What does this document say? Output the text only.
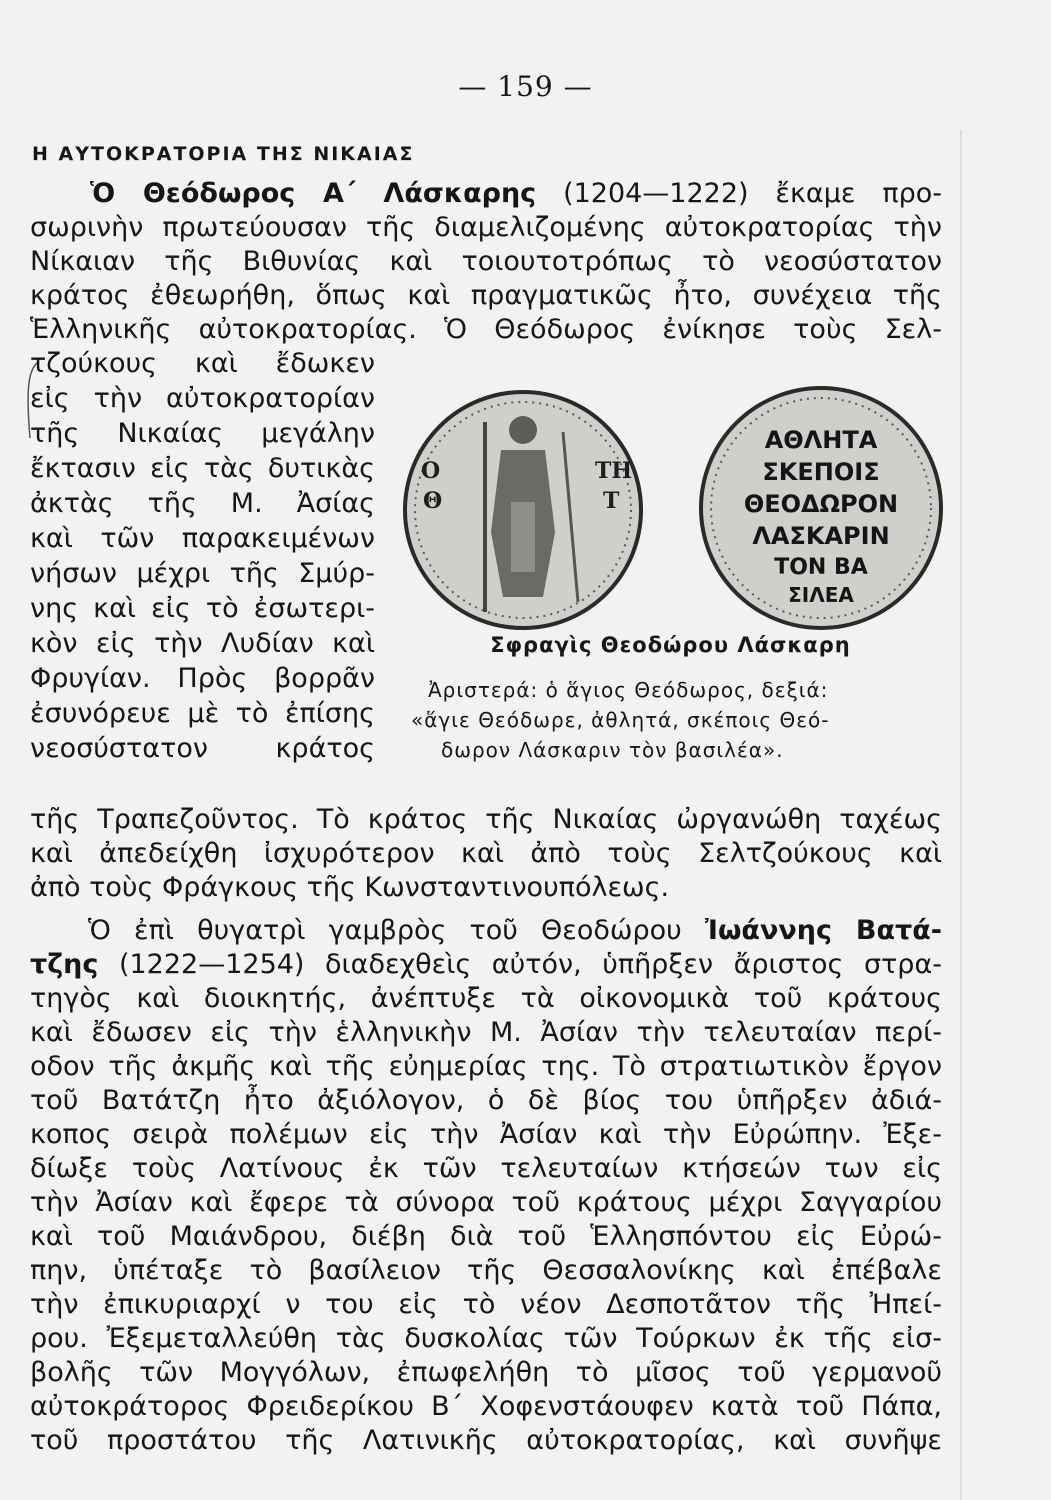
— 159 —
Η ΑΥΤΟΚΡΑΤΟΡΙΑ ΤΗΣ ΝΙΚΑΙΑΣ
Ὁ Θεόδωρος Α΄ Λάσκαρης (1204—1222) ἔκαμε προ-
σωρινὴν πρωτεύουσαν τῆς διαμελιζομένης αὐτοκρατορίας τὴν
Νίκαιαν τῆς Βιθυνίας καὶ τοιουτοτρόπως τὸ νεοσύστατον
κράτος ἐθεωρήθη, ὅπως καὶ πραγματικῶς ἦτο, συνέχεια τῆς
Ἑλληνικῆς αὐτοκρατορίας. Ὁ Θεόδωρος ἐνίκησε τοὺς Σελ-
τζούκους καὶ ἔδωκεν
εἰς τὴν αὐτοκρατορίαν
τῆς Νικαίας μεγάλην
ἔκτασιν εἰς τὰς δυτικὰς
ἀκτὰς τῆς Μ. Ἀσίας
καὶ τῶν παρακειμένων
νήσων μέχρι τῆς Σμύρ-
νης καὶ εἰς τὸ ἐσωτερι-
κὸν εἰς τὴν Λυδίαν καὶ
Φρυγίαν. Πρὸς βορρᾶν
ἐσυνόρευε μὲ τὸ ἐπίσης
νεοσύστατον κράτος
Ο
Θ
ΤΗ
Τ
ΑΘΛΗΤΑ
ΣΚΕΠΟΙΣ
ΘΕΟΔΩΡΟΝ
ΛΑΣΚΑΡΙΝ
ΤΟΝ ΒΑ
ΣΙΛΕΑ
Σφραγὶς Θεοδώρου Λάσκαρη
Ἀριστερά: ὁ ἅγιος Θεόδωρος, δεξιά:
«ἅγιε Θεόδωρε, ἀθλητά, σκέποις Θεό-
δωρον Λάσκαριν τὸν βασιλέα».
τῆς Τραπεζοῦντος. Τὸ κράτος τῆς Νικαίας ὠργανώθη ταχέως
καὶ ἀπεδείχθη ἰσχυρότερον καὶ ἀπὸ τοὺς Σελτζούκους καὶ
ἀπὸ τοὺς Φράγκους τῆς Κωνσταντινουπόλεως.
Ὁ ἐπὶ θυγατρὶ γαμβρὸς τοῦ Θεοδώρου Ἰωάννης Βατά-
τζης (1222—1254) διαδεχθεὶς αὐτόν, ὑπῆρξεν ἄριστος στρα-
τηγὸς καὶ διοικητής, ἀνέπτυξε τὰ οἰκονομικὰ τοῦ κράτους
καὶ ἔδωσεν εἰς τὴν ἑλληνικὴν Μ. Ἀσίαν τὴν τελευταίαν περί-
οδον τῆς ἀκμῆς καὶ τῆς εὐημερίας της. Τὸ στρατιωτικὸν ἔργον
τοῦ Βατάτζη ἦτο ἀξιόλογον, ὁ δὲ βίος του ὑπῆρξεν ἀδιά-
κοπος σειρὰ πολέμων εἰς τὴν Ἀσίαν καὶ τὴν Εὐρώπην. Ἐξε-
δίωξε τοὺς Λατίνους ἐκ τῶν τελευταίων κτήσεών των εἰς
τὴν Ἀσίαν καὶ ἔφερε τὰ σύνορα τοῦ κράτους μέχρι Σαγγαρίου
καὶ τοῦ Μαιάνδρου, διέβη διὰ τοῦ Ἑλλησπόντου εἰς Εὐρώ-
πην, ὑπέταξε τὸ βασίλειον τῆς Θεσσαλονίκης καὶ ἐπέβαλε
τὴν ἐπικυριαρχί ν του εἰς τὸ νέον Δεσποτᾶτον τῆς Ἠπεί-
ρου. Ἐξεμεταλλεύθη τὰς δυσκολίας τῶν Τούρκων ἐκ τῆς εἰσ-
βολῆς τῶν Μογγόλων, ἐπωφελήθη τὸ μῖσος τοῦ γερμανοῦ
αὐτοκράτορος Φρειδερίκου Β΄ Χοφενστάουφεν κατὰ τοῦ Πάπα,
τοῦ προστάτου τῆς Λατινικῆς αὐτοκρατορίας, καὶ συνῆψε
